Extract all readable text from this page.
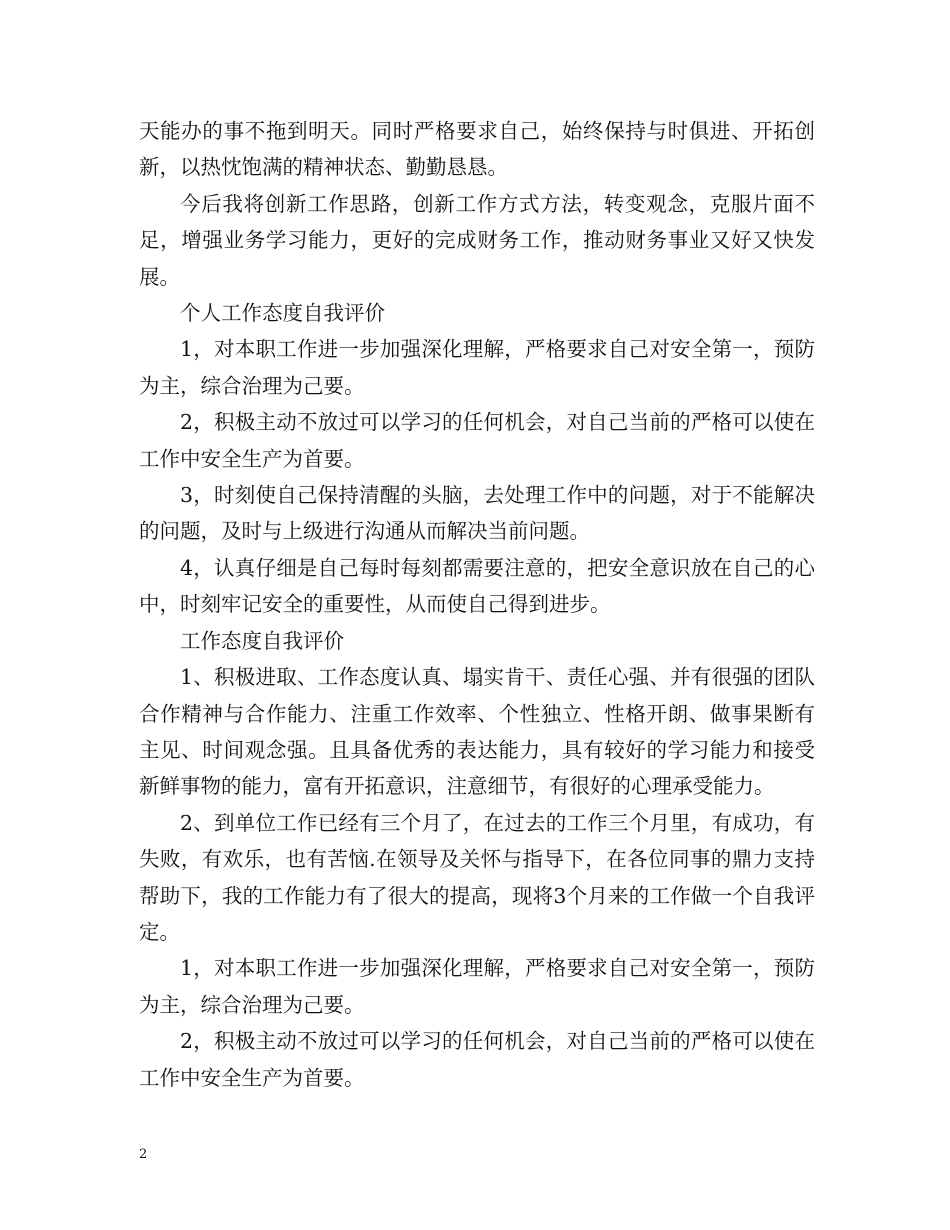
天能办的事不拖到明天。同时严格要求自己，始终保持与时俱进、开拓创新，以热忱饱满的精神状态、勤勤恳恳。

今后我将创新工作思路，创新工作方式方法，转变观念，克服片面不足，增强业务学习能力，更好的完成财务工作，推动财务事业又好又快发展。

个人工作态度自我评价

1，对本职工作进一步加强深化理解，严格要求自己对安全第一，预防为主，综合治理为己要。

2，积极主动不放过可以学习的任何机会，对自己当前的严格可以使在工作中安全生产为首要。

3，时刻使自己保持清醒的头脑，去处理工作中的问题，对于不能解决的问题，及时与上级进行沟通从而解决当前问题。

4，认真仔细是自己每时每刻都需要注意的，把安全意识放在自己的心中，时刻牢记安全的重要性，从而使自己得到进步。

工作态度自我评价

1、积极进取、工作态度认真、塌实肯干、责任心强、并有很强的团队合作精神与合作能力、注重工作效率、个性独立、性格开朗、做事果断有主见、时间观念强。且具备优秀的表达能力，具有较好的学习能力和接受新鲜事物的能力，富有开拓意识，注意细节，有很好的心理承受能力。

2、到单位工作已经有三个月了，在过去的工作三个月里，有成功，有失败，有欢乐，也有苦恼.在领导及关怀与指导下，在各位同事的鼎力支持帮助下，我的工作能力有了很大的提高，现将3个月来的工作做一个自我评定。

1，对本职工作进一步加强深化理解，严格要求自己对安全第一，预防为主，综合治理为己要。

2，积极主动不放过可以学习的任何机会，对自己当前的严格可以使在工作中安全生产为首要。

2
